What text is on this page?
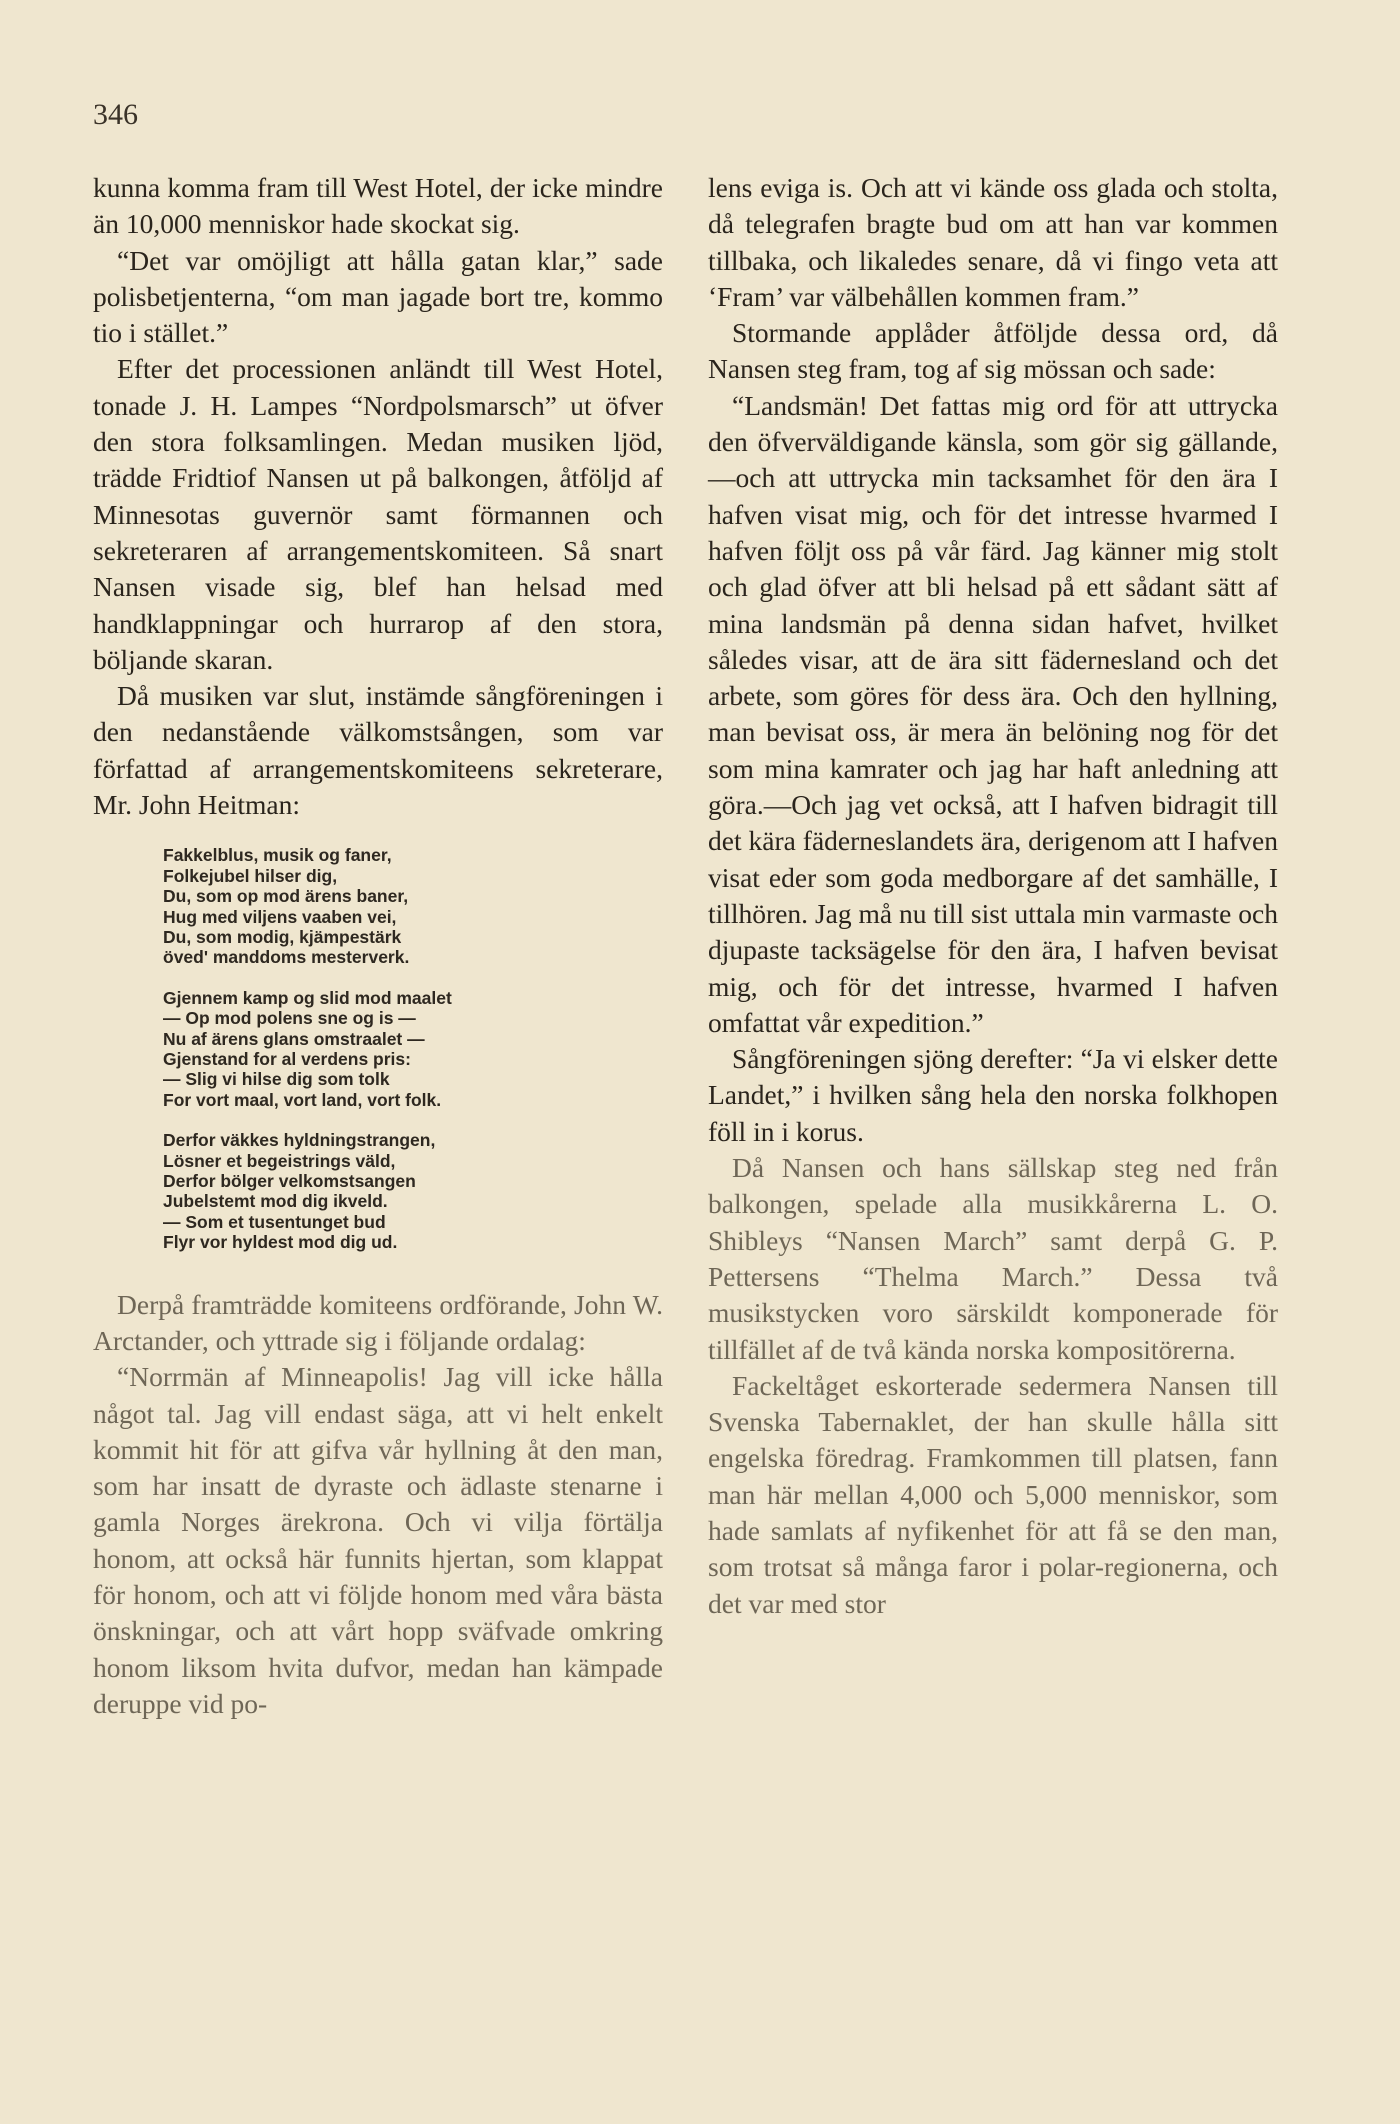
346

kunna komma fram till West Hotel, der icke mindre än 10,000 menniskor hade skockat sig.

“Det var omöjligt att hålla gatan klar,” sade polisbetjenterna, “om man jagade bort tre, kommo tio i stället.”

Efter det processionen anländt till West Hotel, tonade J. H. Lampes “Nordpolsmarsch” ut öfver den stora folksamlingen. Medan musiken ljöd, trädde Fridtiof Nansen ut på balkongen, åtföljd af Minnesotas guvernör samt förmannen och sekreteraren af arrangementskomiteen. Så snart Nansen visade sig, blef han helsad med handklappningar och hurrarop af den stora, böljande skaran.

Då musiken var slut, instämde sångföreningen i den nedanstående välkomstsången, som var författad af arrangementskomiteens sekreterare, Mr. John Heitman:

Fakkelblus, musik og faner,
Folkejubel hilser dig,
Du, som op mod ärens baner,
Hug med viljens vaaben vei,
Du, som modig, kjämpestärk
öved' manddoms mesterverk.
Gjennem kamp og slid mod maalet
— Op mod polens sne og is —
Nu af ärens glans omstraalet —
Gjenstand for al verdens pris:
— Slig vi hilse dig som tolk
For vort maal, vort land, vort folk.
Derfor väkkes hyldningstrangen,
Lösner et begeistrings väld,
Derfor bölger velkomstsangen
Jubelstemt mod dig ikveld.
— Som et tusentunget bud
Flyr vor hyldest mod dig ud.

Derpå framträdde komiteens ordförande, John W. Arctander, och yttrade sig i följande ordalag:

“Norrmän af Minneapolis! Jag vill icke hålla något tal. Jag vill endast säga, att vi helt enkelt kommit hit för att gifva vår hyllning åt den man, som har insatt de dyraste och ädlaste stenarne i gamla Norges ärekrona. Och vi vilja förtälja honom, att också här funnits hjertan, som klappat för honom, och att vi följde honom med våra bästa önskningar, och att vårt hopp sväfvade omkring honom liksom hvita dufvor, medan han kämpade deruppe vid po-

lens eviga is. Och att vi kände oss glada och stolta, då telegrafen bragte bud om att han var kommen tillbaka, och likaledes senare, då vi fingo veta att ‘Fram’ var välbehållen kommen fram.”

Stormande applåder åtföljde dessa ord, då Nansen steg fram, tog af sig mössan och sade:

“Landsmän! Det fattas mig ord för att uttrycka den öfverväldigande känsla, som gör sig gällande,—och att uttrycka min tacksamhet för den ära I hafven visat mig, och för det intresse hvarmed I hafven följt oss på vår färd. Jag känner mig stolt och glad öfver att bli helsad på ett sådant sätt af mina landsmän på denna sidan hafvet, hvilket således visar, att de ära sitt fädernesland och det arbete, som göres för dess ära. Och den hyllning, man bevisat oss, är mera än belöning nog för det som mina kamrater och jag har haft anledning att göra.—Och jag vet också, att I hafven bidragit till det kära fäderneslandets ära, derigenom att I hafven visat eder som goda medborgare af det samhälle, I tillhören. Jag må nu till sist uttala min varmaste och djupaste tacksägelse för den ära, I hafven bevisat mig, och för det intresse, hvarmed I hafven omfattat vår expedition.”

Sångföreningen sjöng derefter: “Ja vi elsker dette Landet,” i hvilken sång hela den norska folkhopen föll in i korus.

Då Nansen och hans sällskap steg ned från balkongen, spelade alla musikkårerna L. O. Shibleys “Nansen March” samt derpå G. P. Pettersens “Thelma March.” Dessa två musikstycken voro särskildt komponerade för tillfället af de två kända norska kompositörerna.

Fackeltåget eskorterade sedermera Nansen till Svenska Tabernaklet, der han skulle hålla sitt engelska föredrag. Framkommen till platsen, fann man här mellan 4,000 och 5,000 menniskor, som hade samlats af nyfikenhet för att få se den man, som trotsat så många faror i polar-regionerna, och det var med stor
